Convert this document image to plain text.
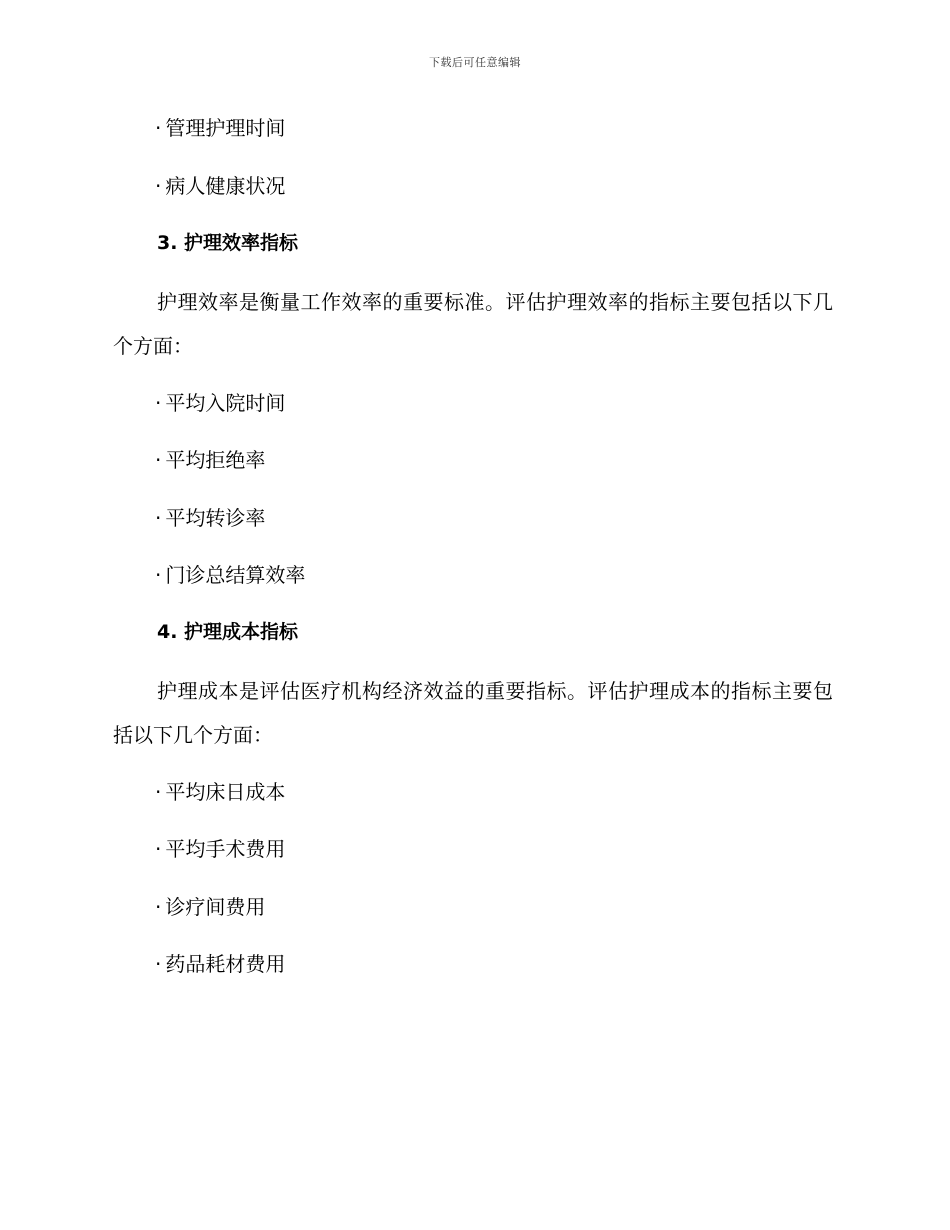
下载后可任意编辑
· 管理护理时间
· 病人健康状况
3. 护理效率指标
护理效率是衡量工作效率的重要标准。评估护理效率的指标主要包括以下几个方面：
· 平均入院时间
· 平均拒绝率
· 平均转诊率
· 门诊总结算效率
4. 护理成本指标
护理成本是评估医疗机构经济效益的重要指标。评估护理成本的指标主要包括以下几个方面：
· 平均床日成本
· 平均手术费用
· 诊疗间费用
· 药品耗材费用
